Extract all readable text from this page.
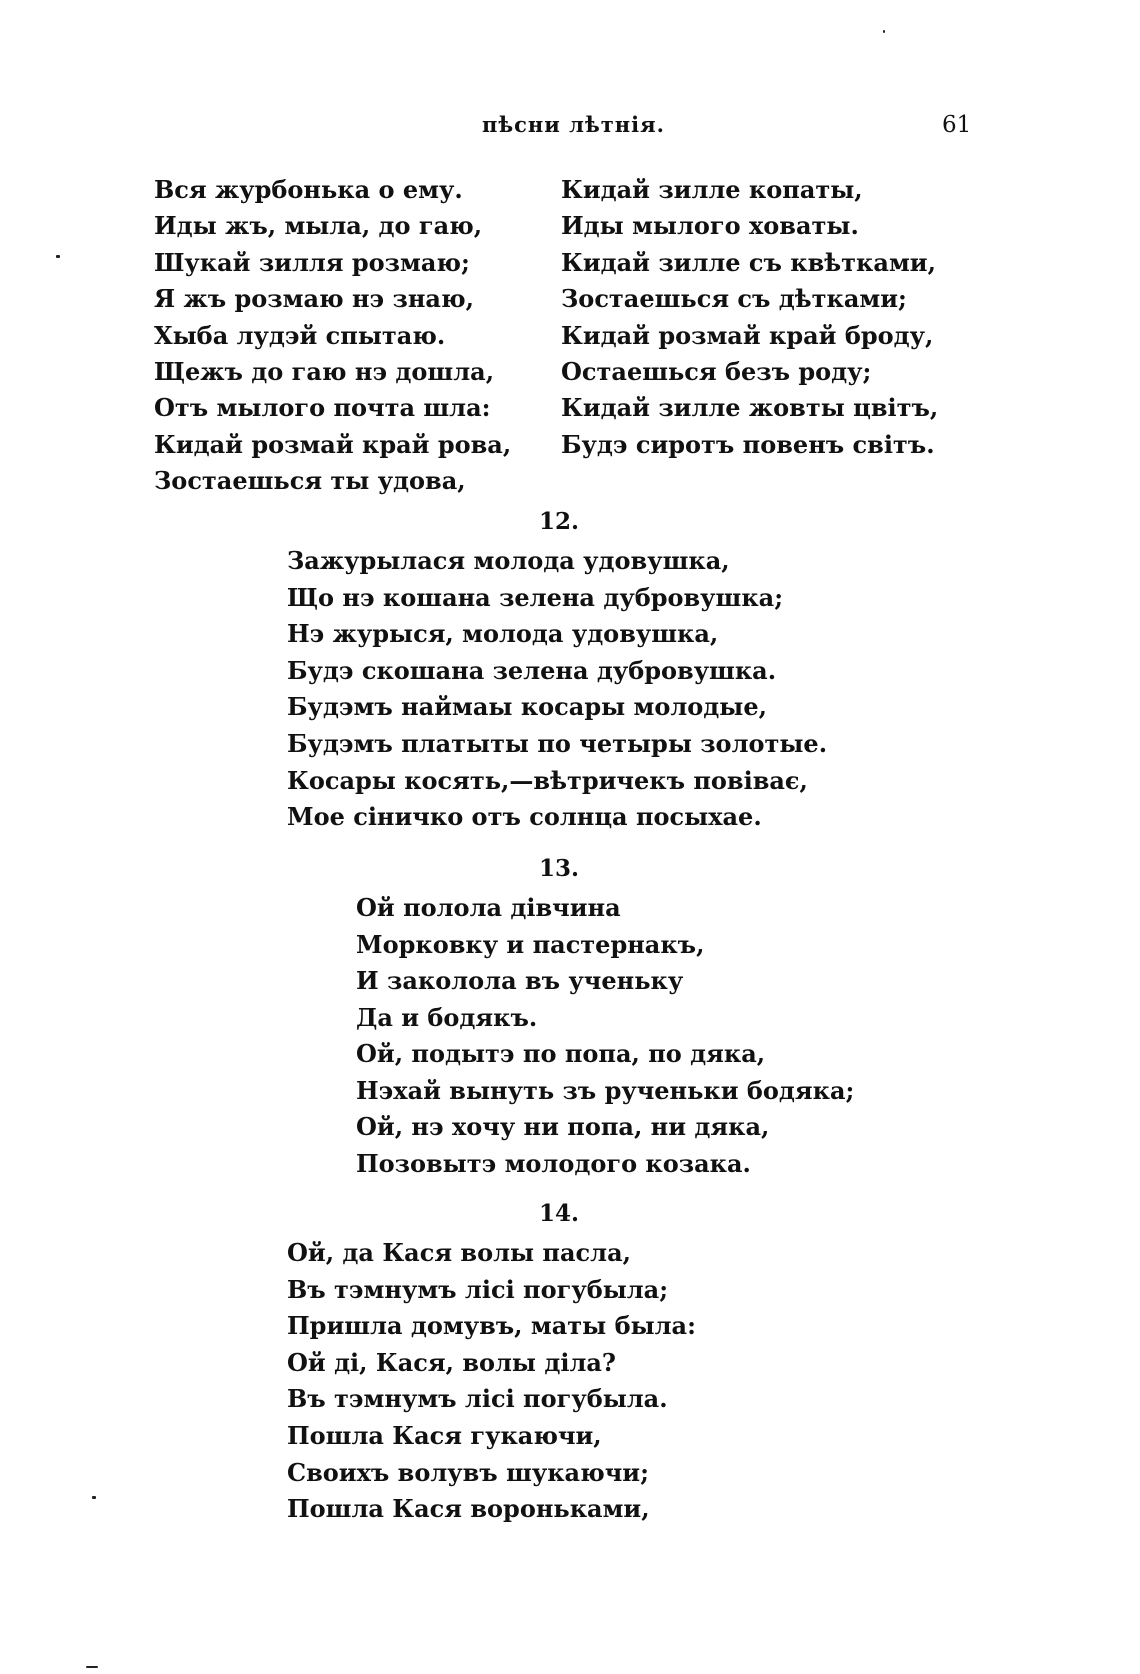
пѣсни лѣтнія.	61
Вся журбонька о ему.
Иды жъ, мыла, до гаю,
Шукай зилля розмаю;
Я жъ розмаю нэ знаю,
Хыба лудэй спытаю.
Щежъ до гаю нэ дошла,
Отъ мылого почта шла:
Кидай розмай край рова,
Зостаешься ты удова,
Кидай зилле копаты,
Иды мылого ховаты.
Кидай зилле съ квѣтками,
Зостаешься съ дѣтками;
Кидай розмай край броду,
Остаешься безъ роду;
Кидай зилле жовты цвітъ,
Будэ сиротъ повенъ світъ.
12.
Зажурылася молода удовушка,
Що нэ кошана зелена дубровушка;
Нэ журыся, молода удовушка,
Будэ скошана зелена дубровушка.
Будэмъ наймаы косары молодые,
Будэмъ платыты по четыры золотые.
Косары косять,—вѣтричекъ повіває,
Мое сіничко отъ солнца посыхае.
13.
Ой полола дівчина
Морковку и пастернакъ,
И заколола въ ученьку
Да и бодякъ.
Ой, подытэ по попа, по дяка,
Нэхай вынуть зъ рученьки бодяка;
Ой, нэ хочу ни попа, ни дяка,
Позовытэ молодого козака.
14.
Ой, да Кася волы пасла,
Въ тэмнумъ лісі погубыла;
Пришла домувъ, маты была:
Ой ді, Кася, волы діла?
Въ тэмнумъ лісі погубыла.
Пошла Кася гукаючи,
Своихъ волувъ шукаючи;
Пошла Кася вороньками,
